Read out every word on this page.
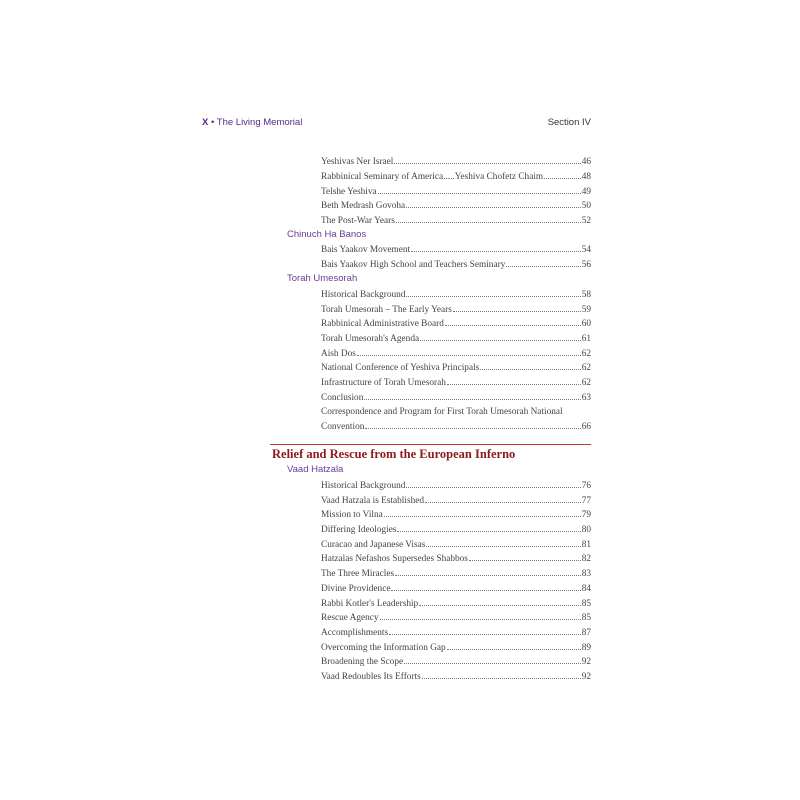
X • The Living Memorial	Section IV
Yeshivas Ner Israel	46
Rabbinical Seminary of America.....Yeshiva Chofetz Chaim	48
Telshe Yeshiva	49
Beth Medrash Govoha	50
The Post-War Years	52
Chinuch Ha Banos
Bais Yaakov Movement	54
Bais Yaakov High School and Teachers Seminary	56
Torah Umesorah
Historical Background	58
Torah Umesorah – The Early Years	59
Rabbinical Administrative Board	60
Torah Umesorah's Agenda	61
Aish Dos	62
National Conference of Yeshiva Principals	62
Infrastructure of Torah Umesorah	62
Conclusion	63
Correspondence and Program for First Torah Umesorah National
Convention	66
Relief and Rescue from the European Inferno
Vaad Hatzala
Historical Background	76
Vaad Hatzala is Established	77
Mission to Vilna	79
Differing Ideologies	80
Curacao and Japanese Visas	81
Hatzalas Nefashos Supersedes Shabbos	82
The Three Miracles	83
Divine Providence	84
Rabbi Kotler's Leadership	85
Rescue Agency	85
Accomplishments	87
Overcoming the Information Gap	89
Broadening the Scope	92
Vaad Redoubles Its Efforts	92
